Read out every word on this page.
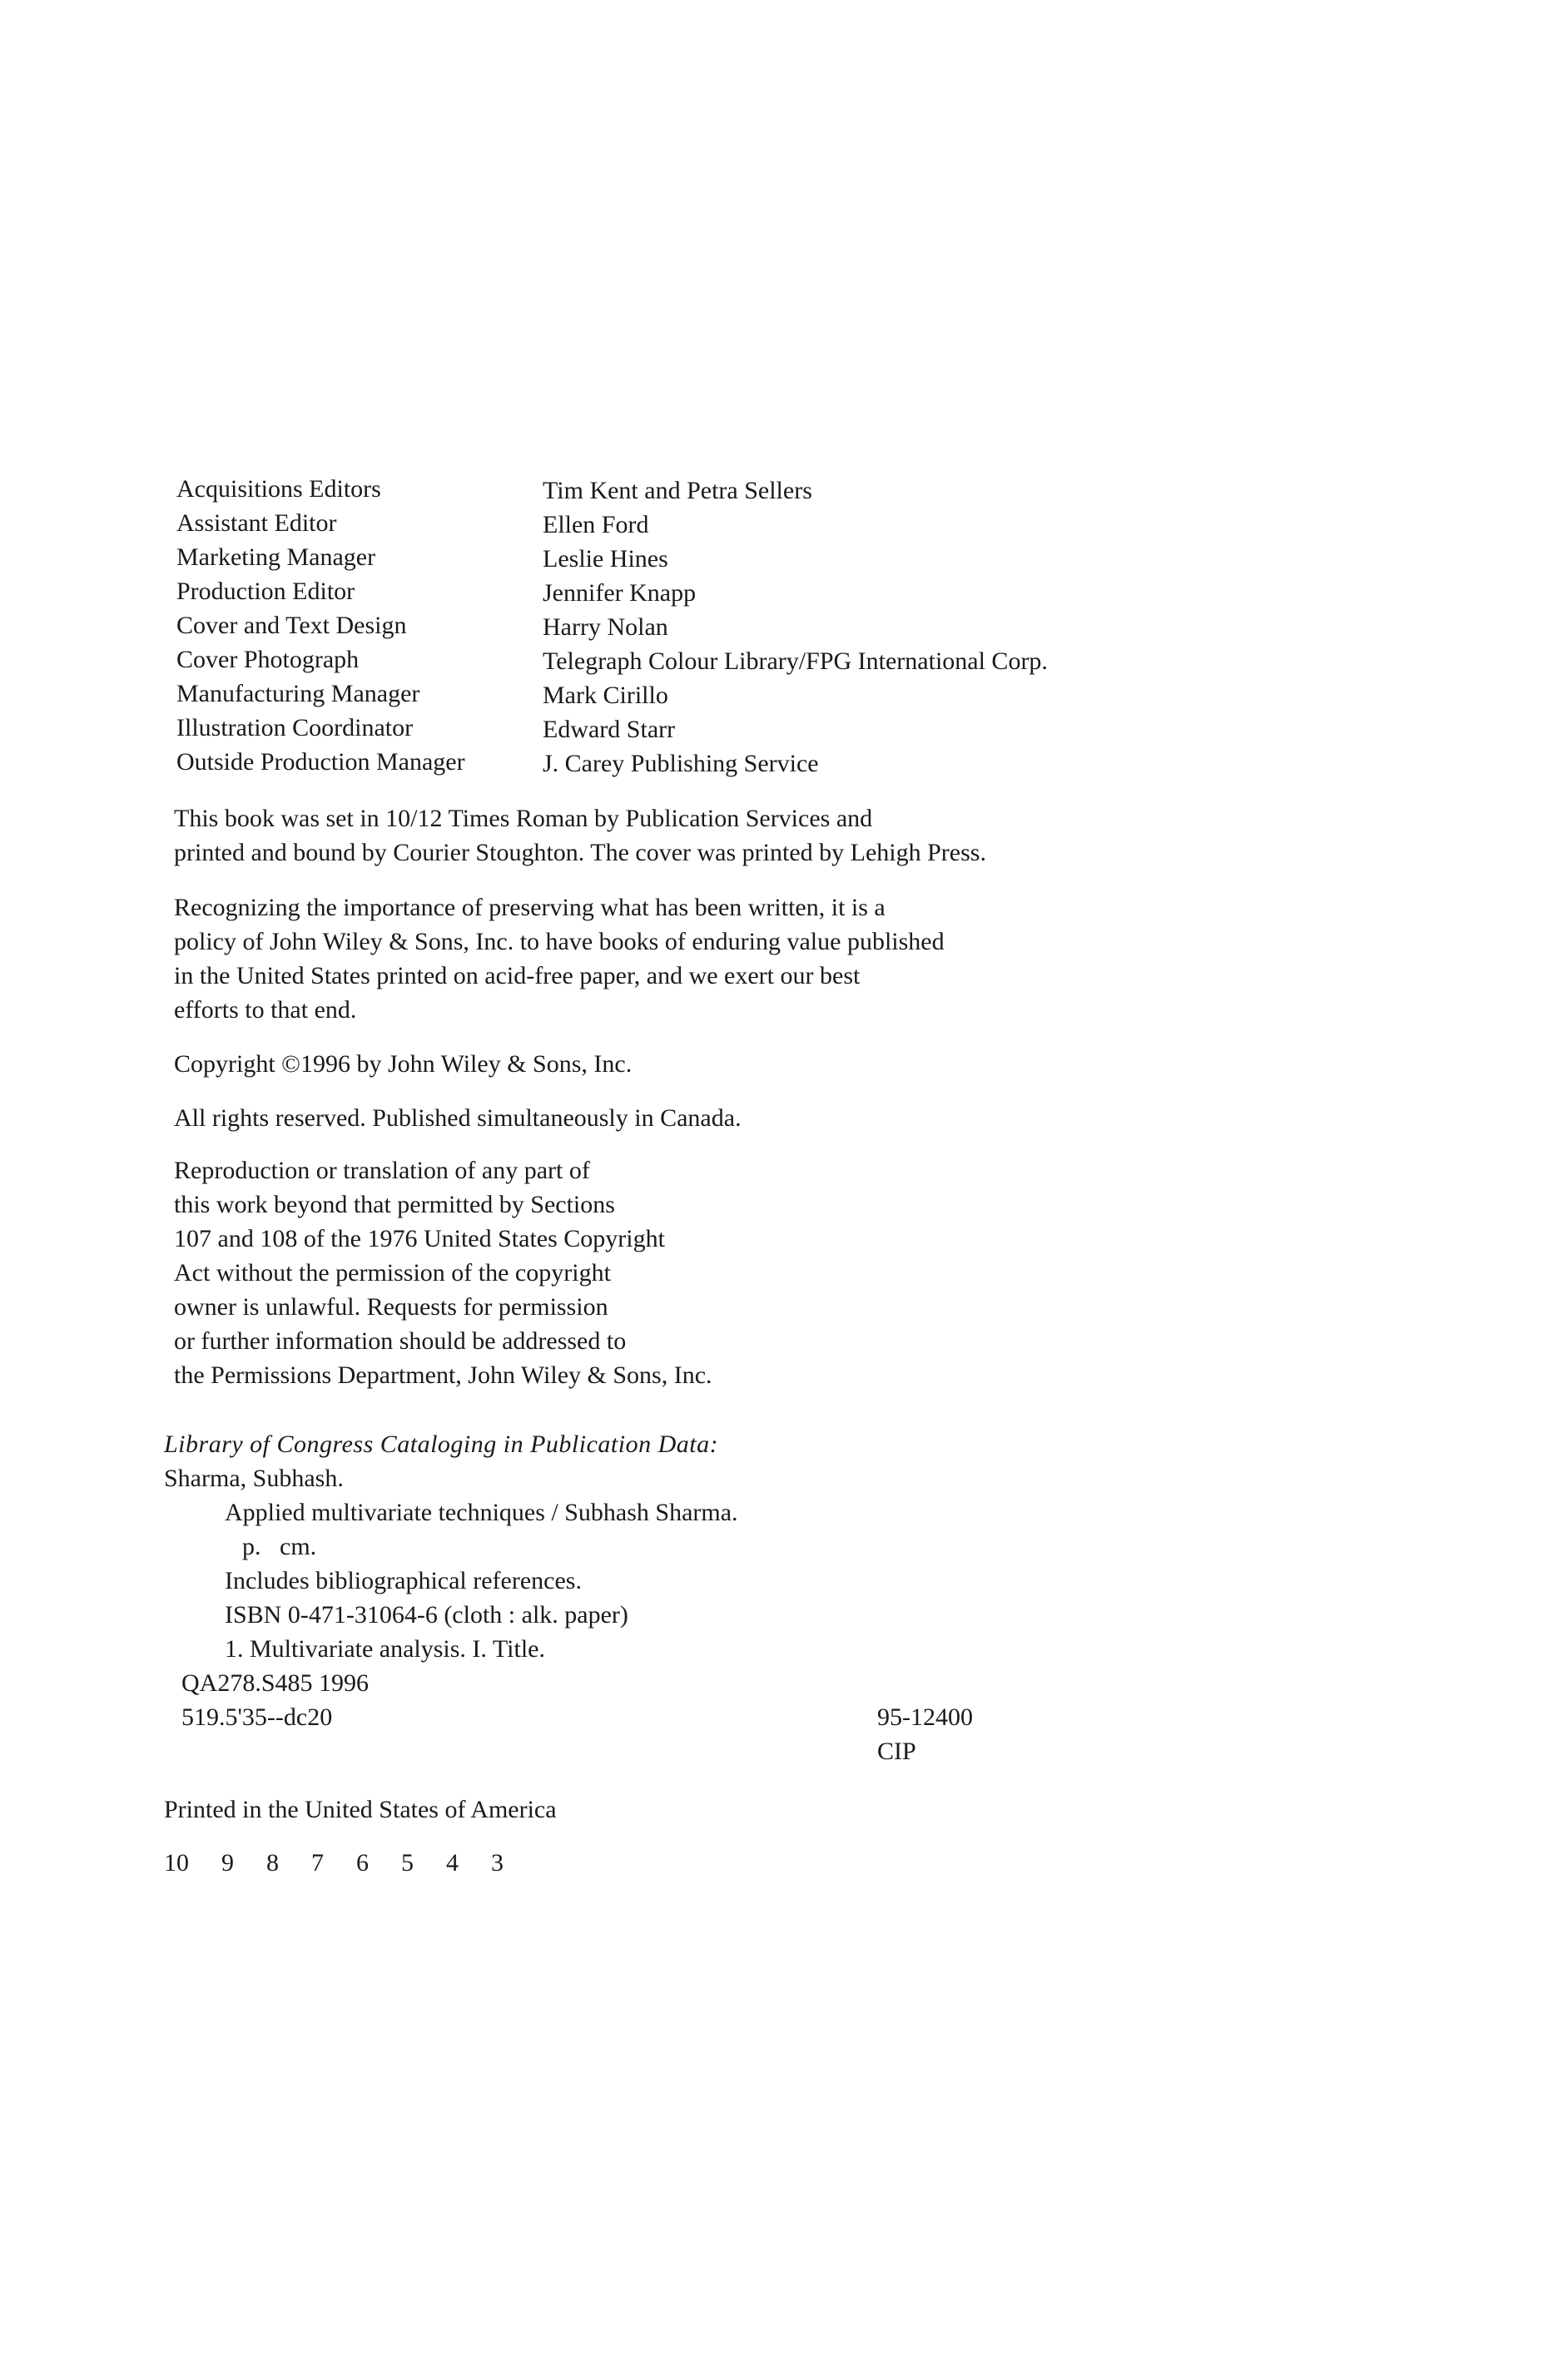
Acquisitions Editors	Tim Kent and Petra Sellers
Assistant Editor	Ellen Ford
Marketing Manager	Leslie Hines
Production Editor	Jennifer Knapp
Cover and Text Design	Harry Nolan
Cover Photograph	Telegraph Colour Library/FPG International Corp.
Manufacturing Manager	Mark Cirillo
Illustration Coordinator	Edward Starr
Outside Production Manager	J. Carey Publishing Service
This book was set in 10/12 Times Roman by Publication Services and
printed and bound by Courier Stoughton. The cover was printed by Lehigh Press.
Recognizing the importance of preserving what has been written, it is a
policy of John Wiley & Sons, Inc. to have books of enduring value published
in the United States printed on acid-free paper, and we exert our best
efforts to that end.
Copyright ©1996 by John Wiley & Sons, Inc.
All rights reserved. Published simultaneously in Canada.
Reproduction or translation of any part of
this work beyond that permitted by Sections
107 and 108 of the 1976 United States Copyright
Act without the permission of the copyright
owner is unlawful. Requests for permission
or further information should be addressed to
the Permissions Department, John Wiley & Sons, Inc.
Library of Congress Cataloging in Publication Data:
Sharma, Subhash.
Applied multivariate techniques / Subhash Sharma.
p.   cm.
Includes bibliographical references.
ISBN 0-471-31064-6 (cloth : alk. paper)
1. Multivariate analysis. I. Title.
QA278.S485 1996
519.5'35--dc20	95-12400
CIP
Printed in the United States of America
10  9  8  7  6  5  4  3
